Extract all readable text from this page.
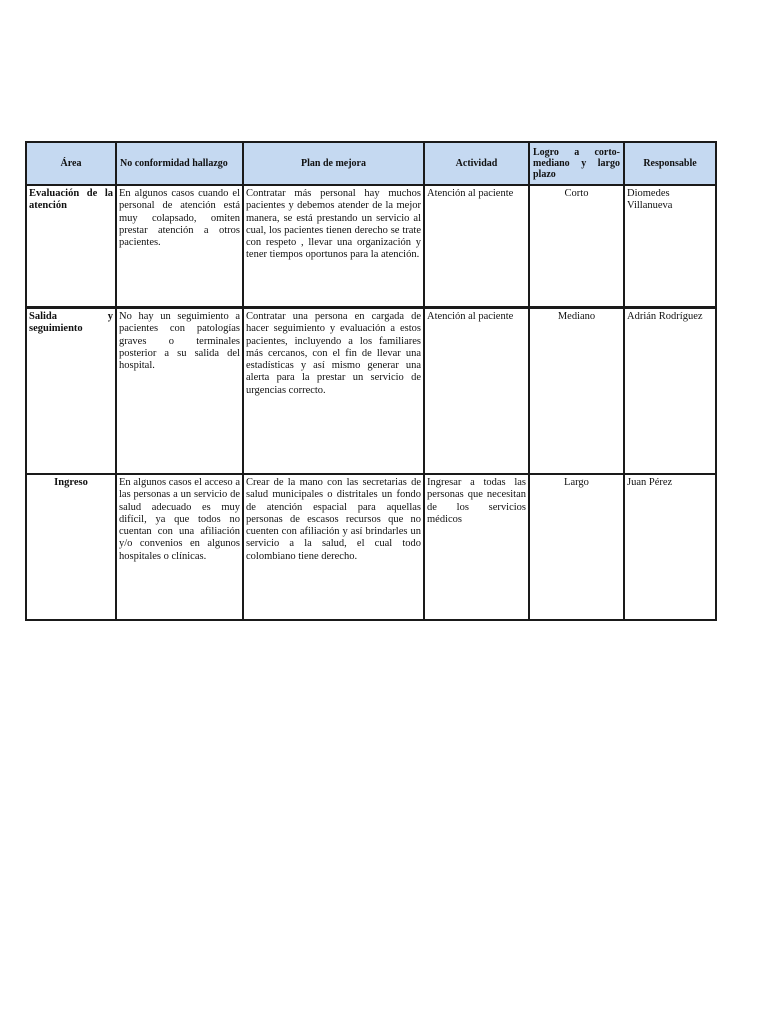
Área	No conformidad hallazgo	Plan de mejora	Actividad	Logro a corto-mediano y largo plazo	Responsable
Evaluación de la atención	En algunos casos cuando el personal de atención está muy colapsado, omiten prestar atención a otros pacientes.	Contratar más personal hay muchos pacientes y debemos atender de la mejor manera, se está prestando un servicio al cual, los pacientes tienen derecho se trate con respeto , llevar una organización y tener tiempos oportunos para la atención.	Atención al paciente	Corto	Diomedes Villanueva
Salida y seguimiento	No hay un seguimiento a pacientes con patologías graves o terminales posterior a su salida del hospital.	Contratar una persona en cargada de hacer seguimiento y evaluación a estos pacientes, incluyendo a los familiares más cercanos, con el fin de llevar una estadísticas y así mismo generar una alerta para la prestar un servicio de urgencias correcto.	Atención al paciente	Mediano	Adrián Rodríguez
Ingreso	En algunos casos el acceso a las personas a un servicio de salud adecuado es muy difícil, ya que todos no cuentan con una afiliación y/o convenios en algunos hospitales o clínicas.	Crear de la mano con las secretarias de salud municipales o distritales un fondo de atención espacial para aquellas personas de escasos recursos que no cuenten con afiliación y así brindarles un servicio a la salud, el cual todo colombiano tiene derecho.	Ingresar a todas las personas que necesitan de los servicios médicos	Largo	Juan Pérez
